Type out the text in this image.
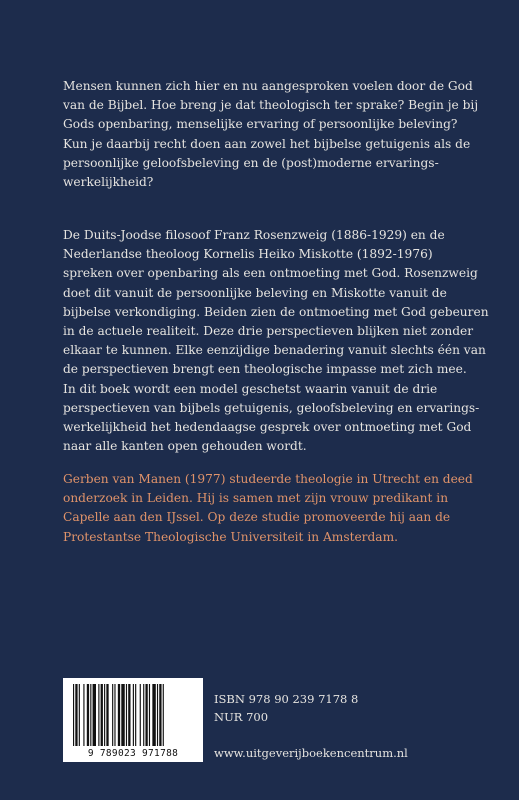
Mensen kunnen zich hier en nu aangesproken voelen door de God

van de Bijbel. Hoe breng je dat theologisch ter sprake? Begin je bij

Gods openbaring, menselijke ervaring of persoonlijke beleving?

Kun je daarbij recht doen aan zowel het bijbelse getuigenis als de

persoonlijke geloofsbeleving en de (post)moderne ervarings-

werkelijkheid?

De Duits-Joodse filosoof Franz Rosenzweig (1886-1929) en de

Nederlandse theoloog Kornelis Heiko Miskotte (1892-1976)

spreken over openbaring als een ontmoeting met God. Rosenzweig

doet dit vanuit de persoonlijke beleving en Miskotte vanuit de

bijbelse verkondiging. Beiden zien de ontmoeting met God gebeuren

in de actuele realiteit. Deze drie perspectieven blijken niet zonder

elkaar te kunnen. Elke eenzijdige benadering vanuit slechts één van

de perspectieven brengt een theologische impasse met zich mee.

In dit boek wordt een model geschetst waarin vanuit de drie

perspectieven van bijbels getuigenis, geloofsbeleving en ervarings-

werkelijkheid het hedendaagse gesprek over ontmoeting met God

naar alle kanten open gehouden wordt.

Gerben van Manen (1977) studeerde theologie in Utrecht en deed

onderzoek in Leiden. Hij is samen met zijn vrouw predikant in

Capelle aan den IJssel. Op deze studie promoveerde hij aan de

Protestantse Theologische Universiteit in Amsterdam.

9 789023 971788
ISBN 978 90 239 7178 8
NUR 700
www.uitgeverijboekencentrum.nl
